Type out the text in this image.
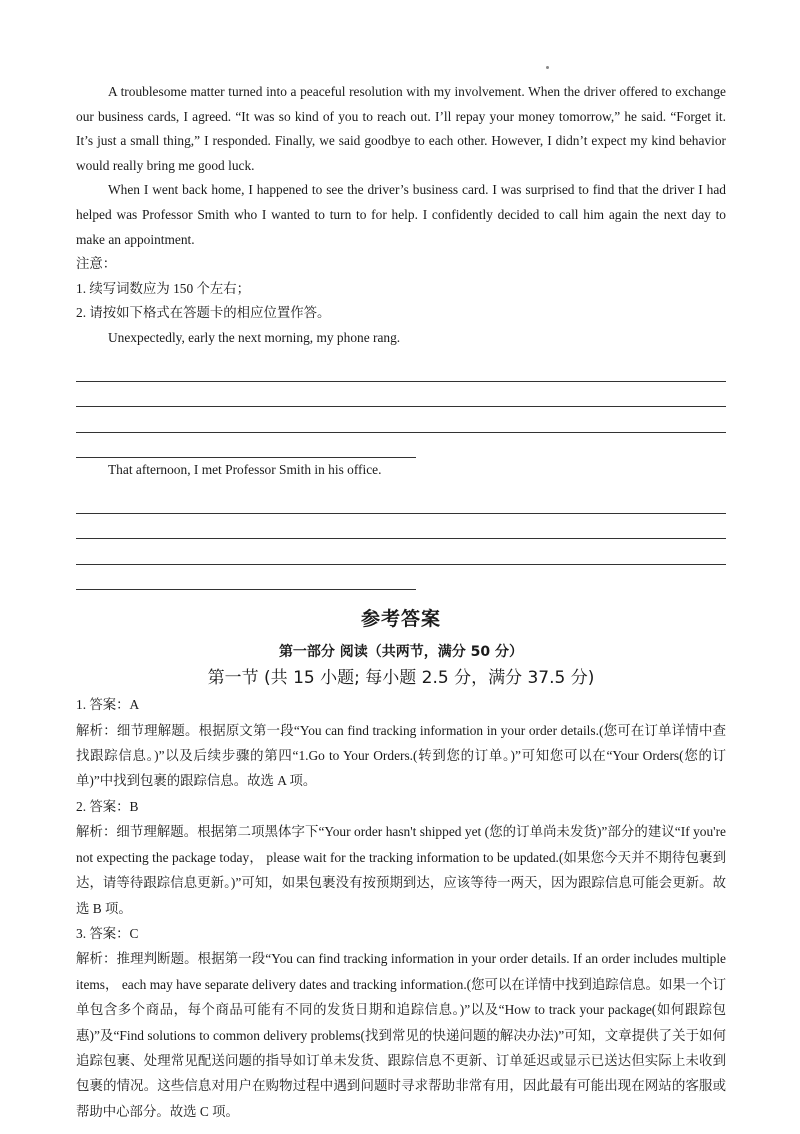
A troublesome matter turned into a peaceful resolution with my involvement. When the driver offered to exchange our business cards, I agreed. “It was so kind of you to reach out. I’ll repay your money tomorrow,” he said. “Forget it. It’s just a small thing,” I responded. Finally, we said goodbye to each other. However, I didn’t expect my kind behavior would really bring me good luck.

When I went back home, I happened to see the driver’s business card. I was surprised to find that the driver I had helped was Professor Smith who I wanted to turn to for help. I confidently decided to call him again the next day to make an appointment.

注意：

1. 续写词数应为 150 个左右；

2. 请按如下格式在答题卡的相应位置作答。

Unexpectedly, early the next morning, my phone rang.

That afternoon, I met Professor Smith in his office.

参考答案
第一部分 阅读（共两节，满分 50 分）
第一节 (共 15 小题; 每小题 2.5 分，满分 37.5 分)

1. 答案：A

解析：细节理解题。根据原文第一段“You can find tracking information in your order details.(您可在订单详情中查找跟踪信息。)”以及后续步骤的第四“1.Go to Your Orders.(转到您的订单。)”可知您可以在“Your Orders(您的订单)”中找到包裹的跟踪信息。故选 A 项。

2. 答案：B

解析：细节理解题。根据第二项黑体字下“Your order hasn't shipped yet (您的订单尚未发货)”部分的建议“If you're not expecting the package today， please wait for the tracking information to be updated.(如果您今天并不期待包裹到达，请等待跟踪信息更新。)”可知，如果包裹没有按预期到达，应该等待一两天，因为跟踪信息可能会更新。故选 B 项。

3. 答案：C

解析：推理判断题。根据第一段“You can find tracking information in your order details. If an order includes multiple items， each may have separate delivery dates and tracking information.(您可以在详情中找到追踪信息。如果一个订单包含多个商品，每个商品可能有不同的发货日期和追踪信息。)”以及“How to track your package(如何跟踪包惠)”及“Find solutions to common delivery problems(找到常见的快递问题的解决办法)”可知，文章提供了关于如何追踪包裹、处理常见配送问题的指导如订单未发货、跟踪信息不更新、订单延迟或显示已送达但实际上未收到包裹的情况。这些信息对用户在购物过程中遇到问题时寻求帮助非常有用，因此最有可能出现在网站的客服或帮助中心部分。故选 C 项。
